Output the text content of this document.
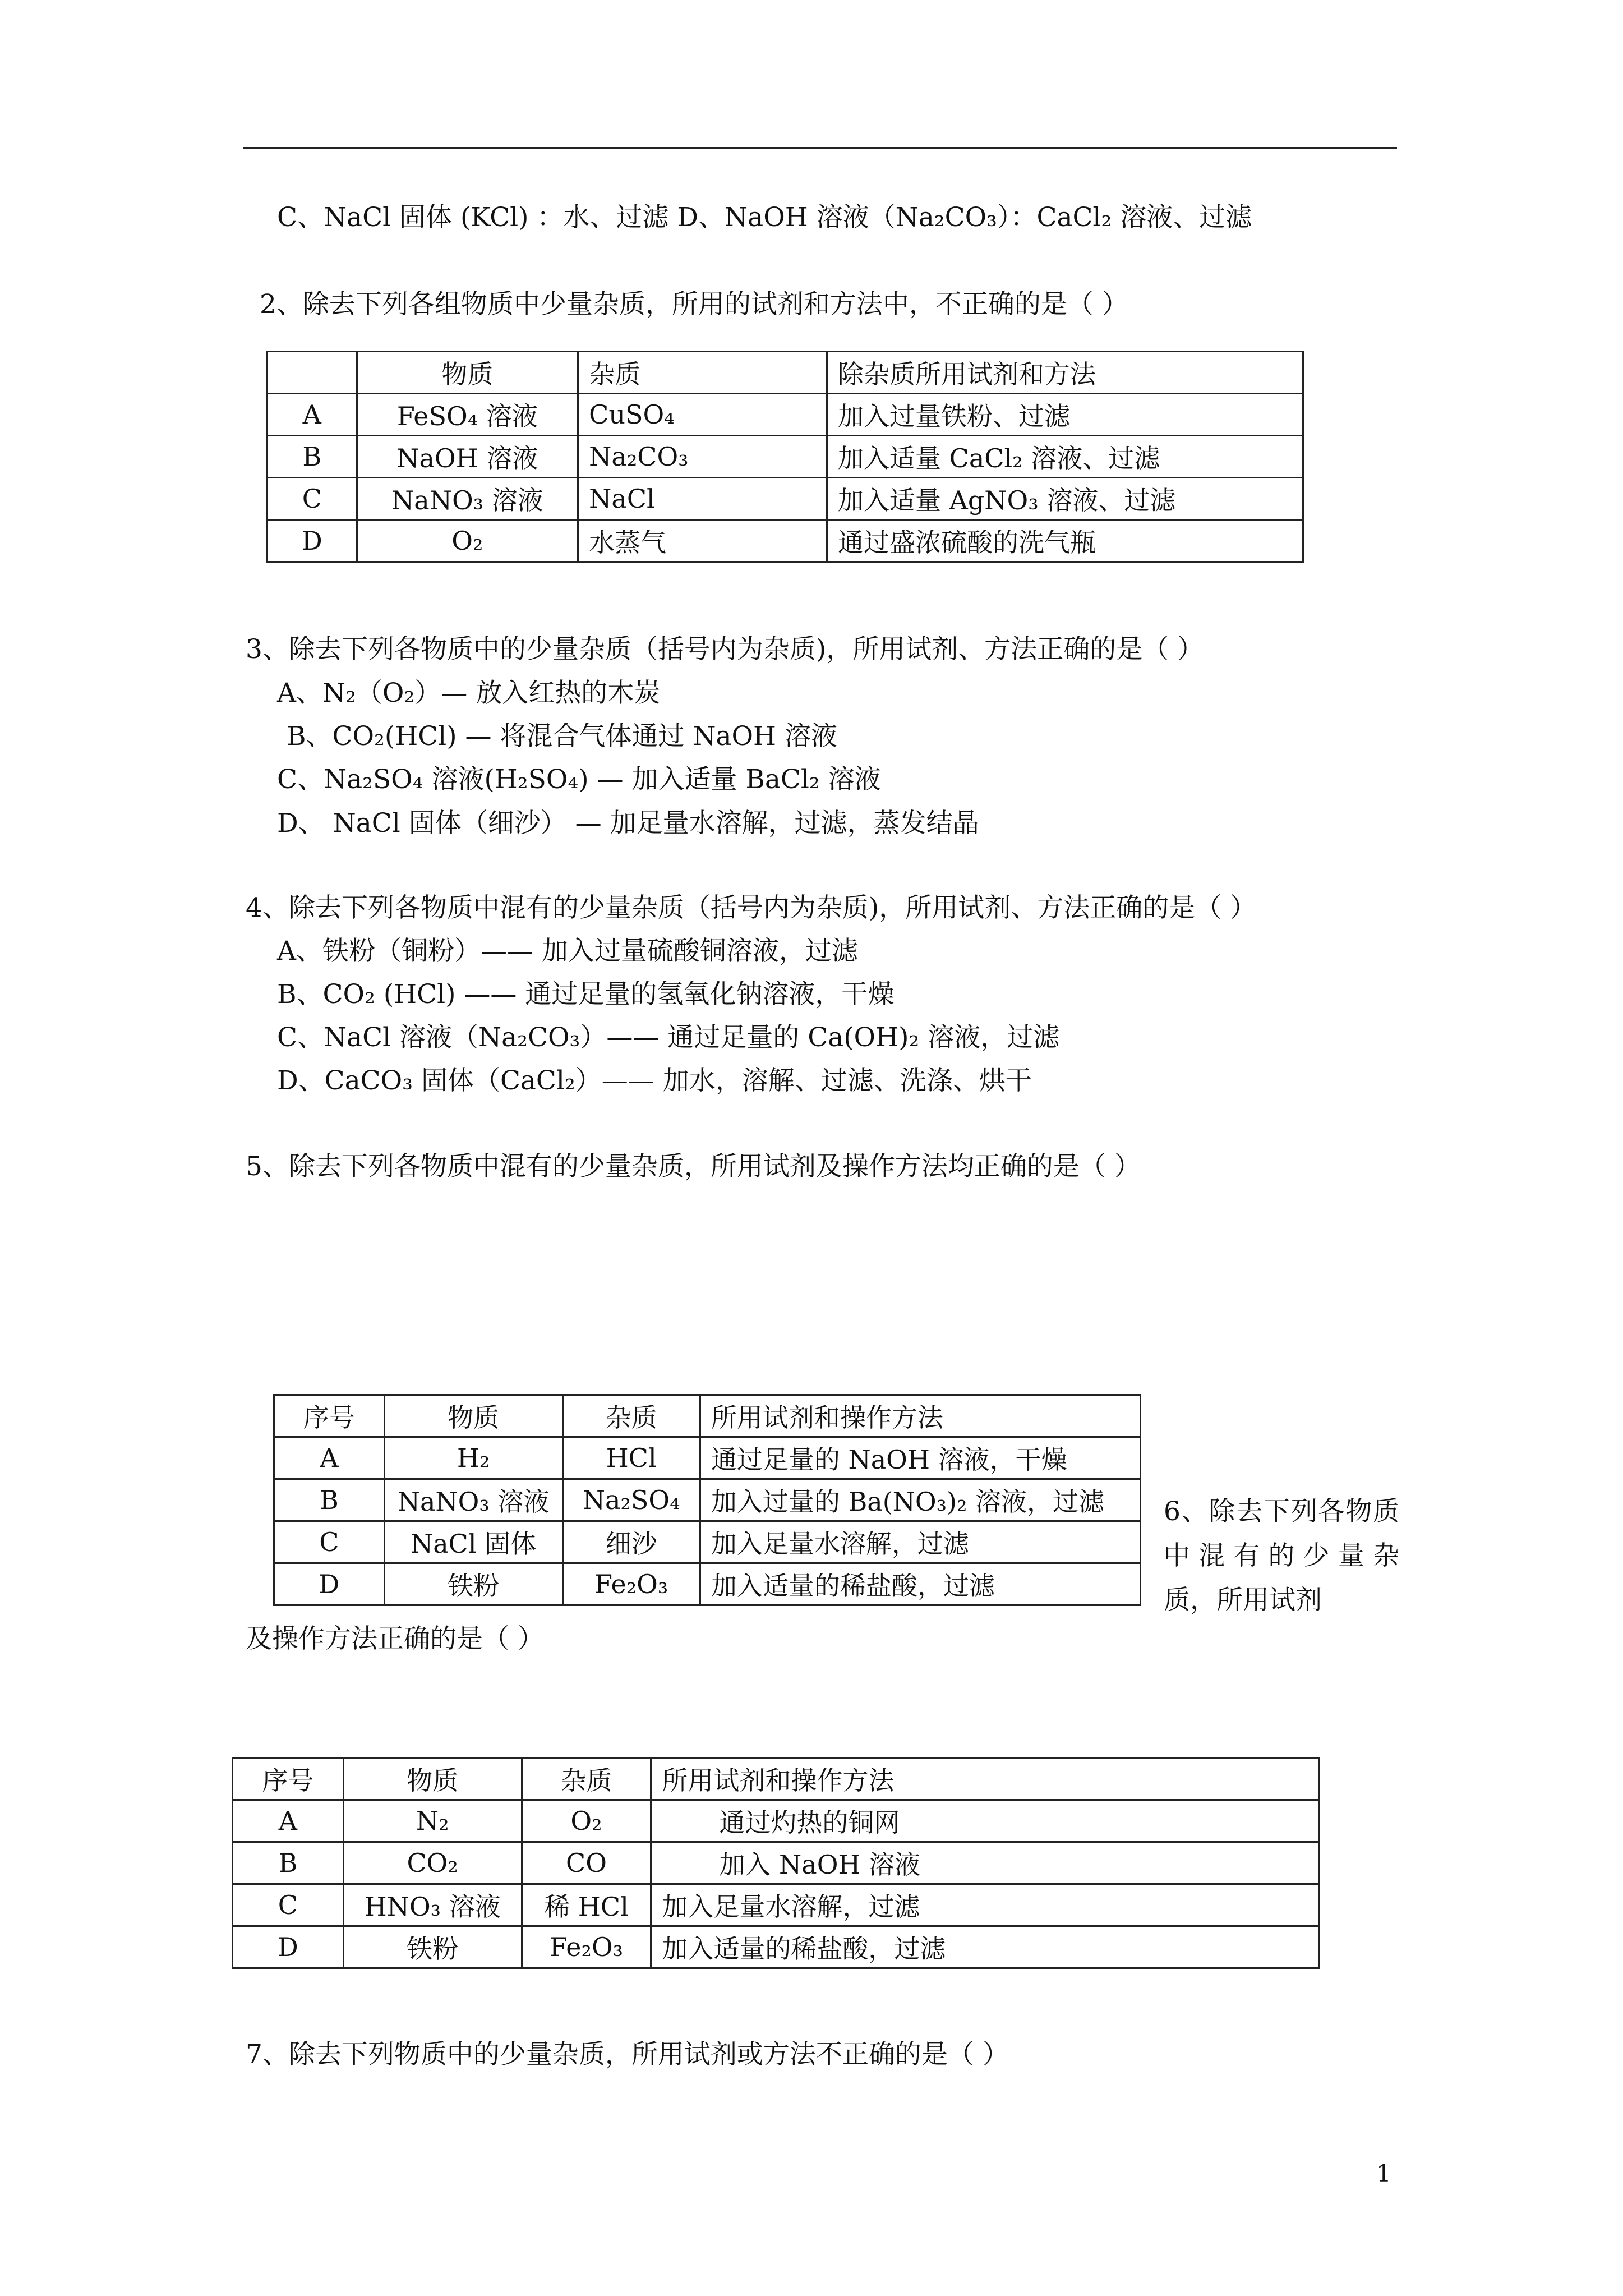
C、NaCl 固体 (KCl) ：水、过滤 D、NaOH 溶液（Na₂CO₃）：CaCl₂ 溶液、过滤
2、除去下列各组物质中少量杂质，所用的试剂和方法中，不正确的是（ ）
	物质	杂质	除杂质所用试剂和方法
A	FeSO₄ 溶液	CuSO₄	加入过量铁粉、过滤
B	NaOH 溶液	Na₂CO₃	加入适量 CaCl₂ 溶液、过滤
C	NaNO₃ 溶液	NaCl	加入适量 AgNO₃ 溶液、过滤
D	O₂	水蒸气	通过盛浓硫酸的洗气瓶
3、除去下列各物质中的少量杂质（括号内为杂质)，所用试剂、方法正确的是（ ）
A、N₂（O₂）— 放入红热的木炭
B、CO₂(HCl) — 将混合气体通过 NaOH 溶液
C、Na₂SO₄ 溶液(H₂SO₄) — 加入适量 BaCl₂ 溶液
D、 NaCl 固体（细沙） — 加足量水溶解，过滤，蒸发结晶
4、除去下列各物质中混有的少量杂质（括号内为杂质)，所用试剂、方法正确的是（ ）
A、铁粉（铜粉）—— 加入过量硫酸铜溶液，过滤
B、CO₂ (HCl) —— 通过足量的氢氧化钠溶液，干燥
C、NaCl 溶液（Na₂CO₃）—— 通过足量的 Ca(OH)₂ 溶液，过滤
D、CaCO₃ 固体（CaCl₂）—— 加水，溶解、过滤、洗涤、烘干
5、除去下列各物质中混有的少量杂质，所用试剂及操作方法均正确的是（ ）
序号	物质	杂质	所用试剂和操作方法
A	H₂	HCl	通过足量的 NaOH 溶液，干燥
B	NaNO₃ 溶液	Na₂SO₄	加入过量的 Ba(NO₃)₂ 溶液，过滤
C	NaCl 固体	细沙	加入足量水溶解，过滤
D	铁粉	Fe₂O₃	加入适量的稀盐酸，过滤
6、除去下列各物质中混有的少量杂质，所用试剂
及操作方法正确的是（ ）
序号	物质	杂质	所用试剂和操作方法
A	N₂	O₂	通过灼热的铜网
B	CO₂	CO	加入 NaOH 溶液
C	HNO₃ 溶液	稀 HCl	加入足量水溶解，过滤
D	铁粉	Fe₂O₃	加入适量的稀盐酸，过滤
7、除去下列物质中的少量杂质，所用试剂或方法不正确的是（ ）
1
